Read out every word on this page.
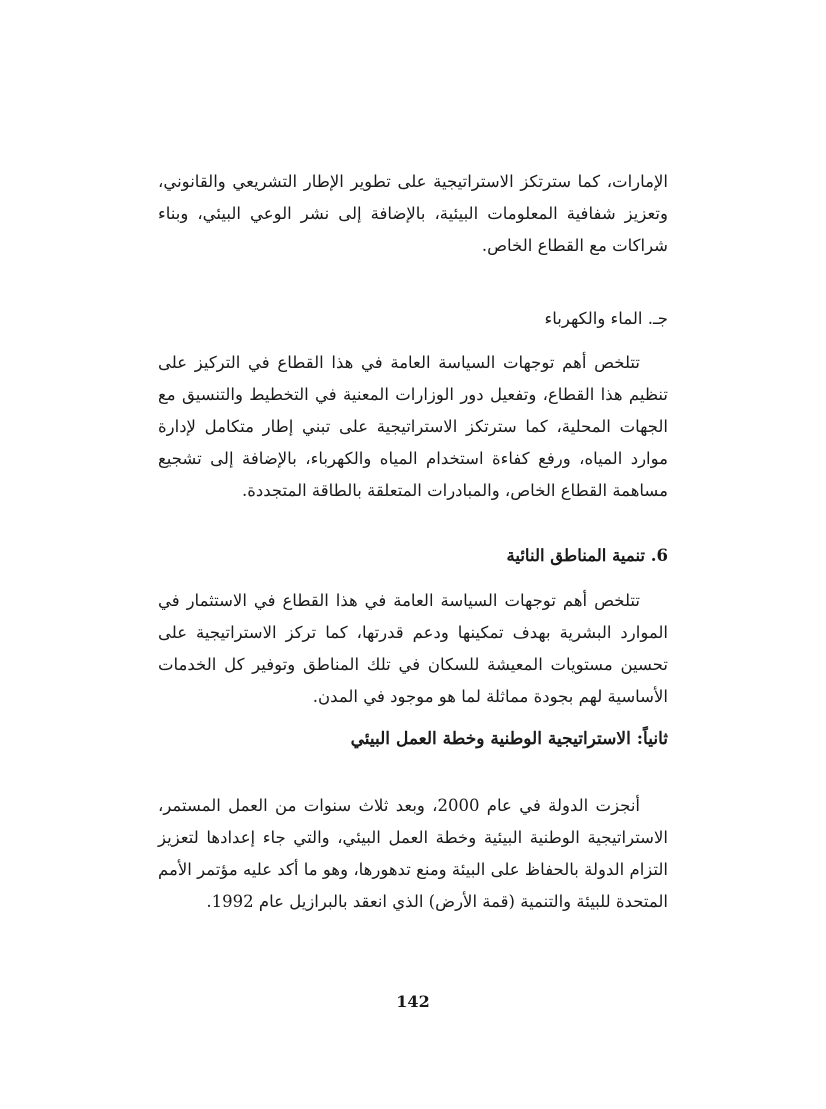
الإمارات، كما سترتكز الاستراتيجية على تطوير الإطار التشريعي والقانوني، وتعزيز شفافية المعلومات البيئية، بالإضافة إلى نشر الوعي البيئي، وبناء شراكات مع القطاع الخاص.

جـ. الماء والكهرباء

تتلخص أهم توجهات السياسة العامة في هذا القطاع في التركيز على تنظيم هذا القطاع، وتفعيل دور الوزارات المعنية في التخطيط والتنسيق مع الجهات المحلية، كما سترتكز الاستراتيجية على تبني إطار متكامل لإدارة موارد المياه، ورفع كفاءة استخدام المياه والكهرباء، بالإضافة إلى تشجيع مساهمة القطاع الخاص، والمبادرات المتعلقة بالطاقة المتجددة.

6. تنمية المناطق النائية

تتلخص أهم توجهات السياسة العامة في هذا القطاع في الاستثمار في الموارد البشرية بهدف تمكينها ودعم قدرتها، كما تركز الاستراتيجية على تحسين مستويات المعيشة للسكان في تلك المناطق وتوفير كل الخدمات الأساسية لهم بجودة مماثلة لما هو موجود في المدن.

ثانياً: الاستراتيجية الوطنية وخطة العمل البيئي

أنجزت الدولة في عام 2000، وبعد ثلاث سنوات من العمل المستمر، الاستراتيجية الوطنية البيئية وخطة العمل البيئي، والتي جاء إعدادها لتعزيز التزام الدولة بالحفاظ على البيئة ومنع تدهورها، وهو ما أكد عليه مؤتمر الأمم المتحدة للبيئة والتنمية (قمة الأرض) الذي انعقد بالبرازيل عام 1992.

142
